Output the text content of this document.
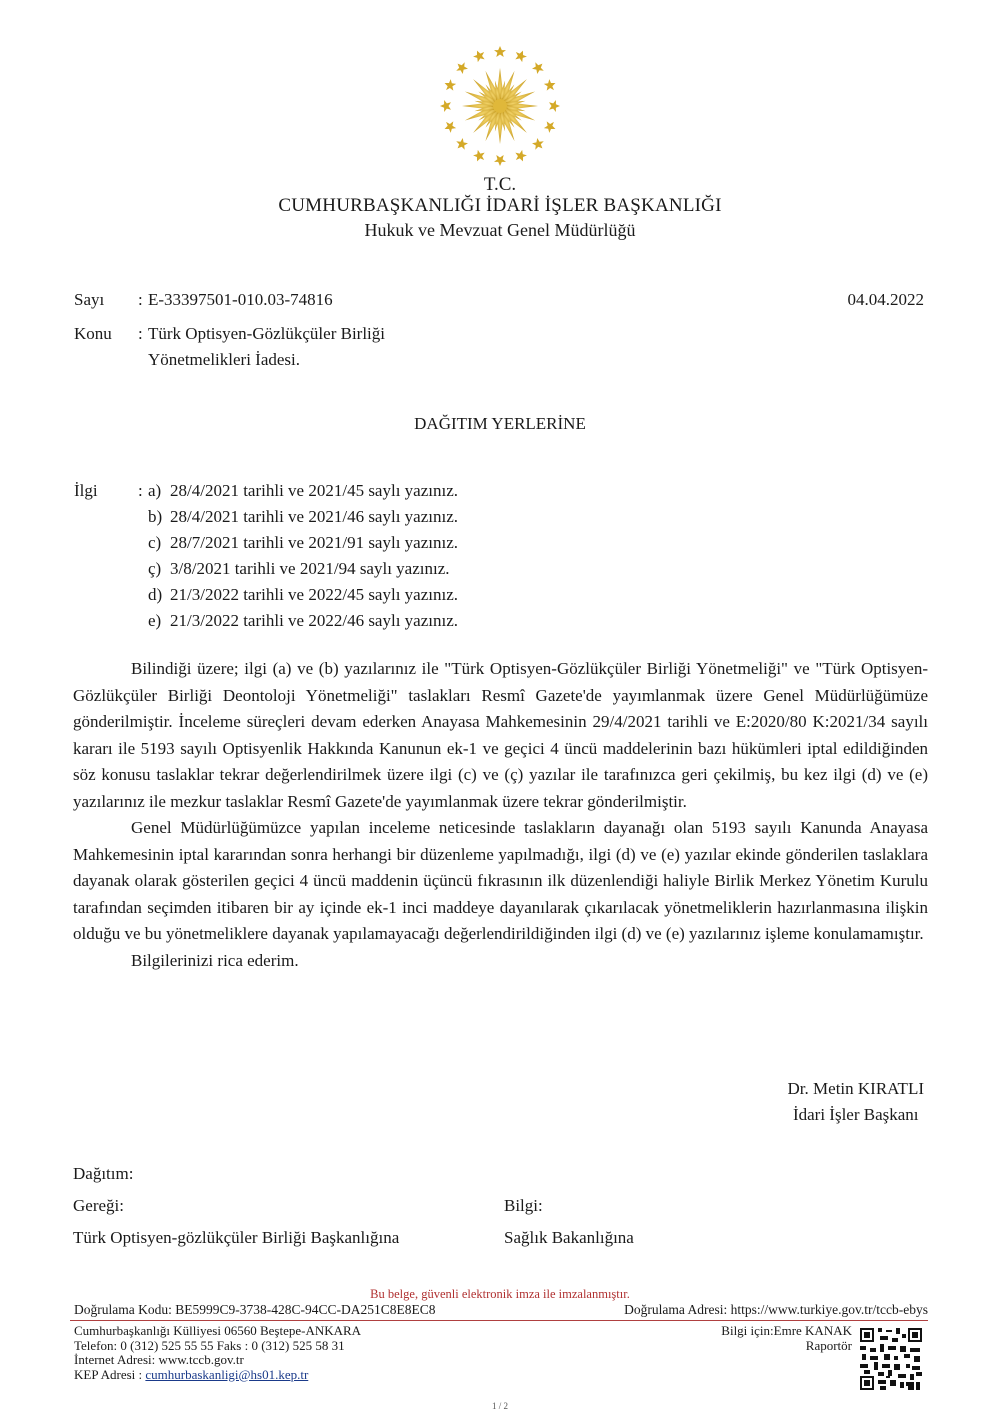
T.C.
CUMHURBAŞKANLIĞI İDARİ İŞLER BAŞKANLIĞI
Hukuk ve Mevzuat Genel Müdürlüğü
Sayı : E-33397501-010.03-74816	04.04.2022
Konu : Türk Optisyen-Gözlükçüler Birliği
Yönetmelikleri İadesi.
DAĞITIM YERLERİNE
İlgi : a) 28/4/2021 tarihli ve 2021/45 saylı yazınız.
b) 28/4/2021 tarihli ve 2021/46 saylı yazınız.
c) 28/7/2021 tarihli ve 2021/91 saylı yazınız.
ç) 3/8/2021 tarihli ve 2021/94 saylı yazınız.
d) 21/3/2022 tarihli ve 2022/45 saylı yazınız.
e) 21/3/2022 tarihli ve 2022/46 saylı yazınız.

Bilindiği üzere; ilgi (a) ve (b) yazılarınız ile "Türk Optisyen-Gözlükçüler Birliği Yönetmeliği" ve "Türk Optisyen-Gözlükçüler Birliği Deontoloji Yönetmeliği" taslakları Resmî Gazete'de yayımlanmak üzere Genel Müdürlüğümüze gönderilmiştir. İnceleme süreçleri devam ederken Anayasa Mahkemesinin 29/4/2021 tarihli ve E:2020/80 K:2021/34 sayılı kararı ile 5193 sayılı Optisyenlik Hakkında Kanunun ek-1 ve geçici 4 üncü maddelerinin bazı hükümleri iptal edildiğinden söz konusu taslaklar tekrar değerlendirilmek üzere ilgi (c) ve (ç) yazılar ile tarafınızca geri çekilmiş, bu kez ilgi (d) ve (e) yazılarınız ile mezkur taslaklar Resmî Gazete'de yayımlanmak üzere tekrar gönderilmiştir.

Genel Müdürlüğümüzce yapılan inceleme neticesinde taslakların dayanağı olan 5193 sayılı Kanunda Anayasa Mahkemesinin iptal kararından sonra herhangi bir düzenleme yapılmadığı, ilgi (d) ve (e) yazılar ekinde gönderilen taslaklara dayanak olarak gösterilen geçici 4 üncü maddenin üçüncü fıkrasının ilk düzenlendiği haliyle Birlik Merkez Yönetim Kurulu tarafından seçimden itibaren bir ay içinde ek-1 inci maddeye dayanılarak çıkarılacak yönetmeliklerin hazırlanmasına ilişkin olduğu ve bu yönetmeliklere dayanak yapılamayacağı değerlendirildiğinden ilgi (d) ve (e) yazılarınız işleme konulamamıştır.

Bilgilerinizi rica ederim.

Dr. Metin KIRATLI
İdari İşler Başkanı
Dağıtım:
Gereği:
Türk Optisyen-gözlükçüler Birliği Başkanlığına
Bilgi:
Sağlık Bakanlığına
Bu belge, güvenli elektronik imza ile imzalanmıştır.
Doğrulama Kodu: BE5999C9-3738-428C-94CC-DA251C8E8EC8	Doğrulama Adresi: https://www.turkiye.gov.tr/tccb-ebys
Cumhurbaşkanlığı Külliyesi 06560 Beştepe-ANKARA
Telefon: 0 (312) 525 55 55 Faks : 0 (312) 525 58 31
İnternet Adresi: www.tccb.gov.tr
KEP Adresi : cumhurbaskanligi@hs01.kep.tr
Bilgi için:Emre KANAK
Raportör
1 / 2
